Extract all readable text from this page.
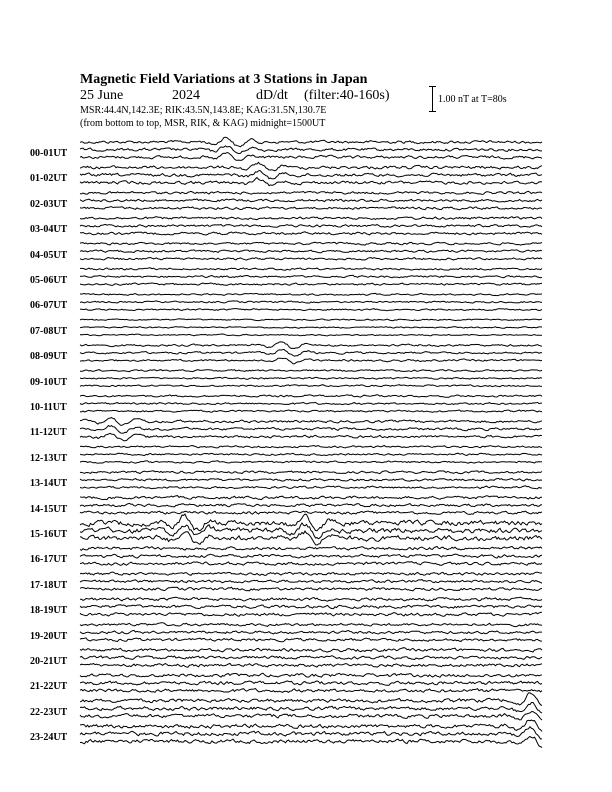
Magnetic Field Variations at 3 Stations in Japan
25 June	2024	dD/dt (filter:40-160s)
MSR:44.4N,142.3E; RIK:43.5N,143.8E; KAG:31.5N,130.7E
(from bottom to top, MSR, RIK, & KAG) midnight=1500UT
1.00 nT at T=80s
00-01UT
01-02UT
02-03UT
03-04UT
04-05UT
05-06UT
06-07UT
07-08UT
08-09UT
09-10UT
10-11UT
11-12UT
12-13UT
13-14UT
14-15UT
15-16UT
16-17UT
17-18UT
18-19UT
19-20UT
20-21UT
21-22UT
22-23UT
23-24UT
